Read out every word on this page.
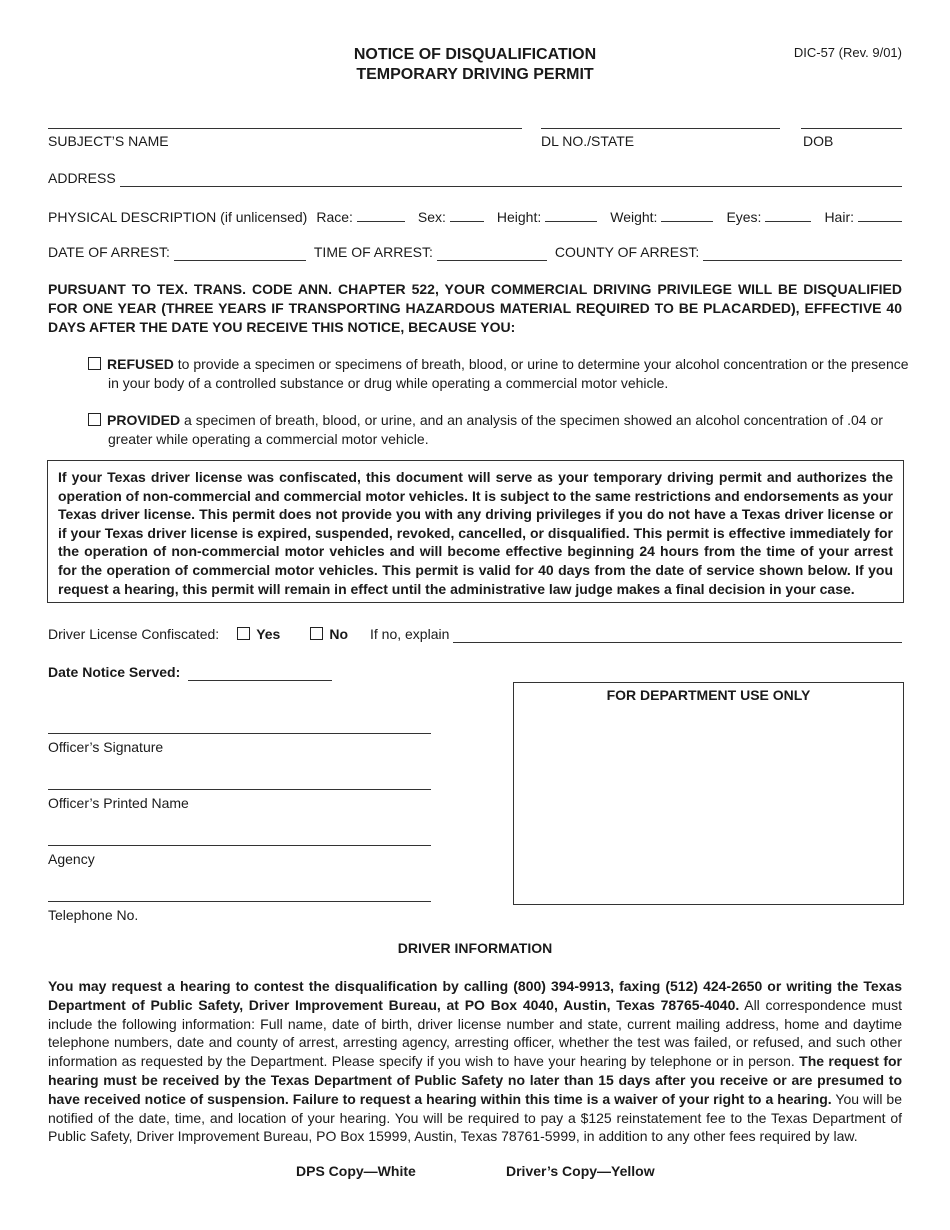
NOTICE OF DISQUALIFICATION
TEMPORARY DRIVING PERMIT
DIC-57 (Rev. 9/01)
SUBJECT’S NAME	DL NO./STATE	DOB
ADDRESS
PHYSICAL DESCRIPTION (if unlicensed) Race:	Sex:	Height:	Weight:	Eyes:	Hair:
DATE OF ARREST:	TIME OF ARREST:	COUNTY OF ARREST:
PURSUANT TO TEX. TRANS. CODE ANN. CHAPTER 522, YOUR COMMERCIAL DRIVING PRIVILEGE WILL BE DISQUALIFIED FOR ONE YEAR (THREE YEARS IF TRANSPORTING HAZARDOUS MATERIAL REQUIRED TO BE PLACARDED), EFFECTIVE 40 DAYS AFTER THE DATE YOU RECEIVE THIS NOTICE, BECAUSE YOU:
REFUSED to provide a specimen or specimens of breath, blood, or urine to determine your alcohol concentration or the presence in your body of a controlled substance or drug while operating a commercial motor vehicle.
PROVIDED a specimen of breath, blood, or urine, and an analysis of the specimen showed an alcohol concentration of .04 or greater while operating a commercial motor vehicle.
If your Texas driver license was confiscated, this document will serve as your temporary driving permit and authorizes the operation of non-commercial and commercial motor vehicles. It is subject to the same restrictions and endorsements as your Texas driver license. This permit does not provide you with any driving privileges if you do not have a Texas driver license or if your Texas driver license is expired, suspended, revoked, cancelled, or disqualified. This permit is effective immediately for the operation of non-commercial motor vehicles and will become effective beginning 24 hours from the time of your arrest for the operation of commercial motor vehicles. This permit is valid for 40 days from the date of service shown below. If you request a hearing, this permit will remain in effect until the administrative law judge makes a final decision in your case.
Driver License Confiscated:	Yes	No If no, explain
Date Notice Served:
Officer’s Signature
Officer’s Printed Name
Agency
Telephone No.
FOR DEPARTMENT USE ONLY
DRIVER INFORMATION
You may request a hearing to contest the disqualification by calling (800) 394-9913, faxing (512) 424-2650 or writing the Texas Department of Public Safety, Driver Improvement Bureau, at PO Box 4040, Austin, Texas 78765-4040. All correspondence must include the following information: Full name, date of birth, driver license number and state, current mailing address, home and daytime telephone numbers, date and county of arrest, arresting agency, arresting officer, whether the test was failed, or refused, and such other information as requested by the Department. Please specify if you wish to have your hearing by telephone or in person. The request for hearing must be received by the Texas Department of Public Safety no later than 15 days after you receive or are presumed to have received notice of suspension. Failure to request a hearing within this time is a waiver of your right to a hearing. You will be notified of the date, time, and location of your hearing. You will be required to pay a $125 reinstatement fee to the Texas Department of Public Safety, Driver Improvement Bureau, PO Box 15999, Austin, Texas 78761-5999, in addition to any other fees required by law.
DPS Copy—White	Driver’s Copy—Yellow
